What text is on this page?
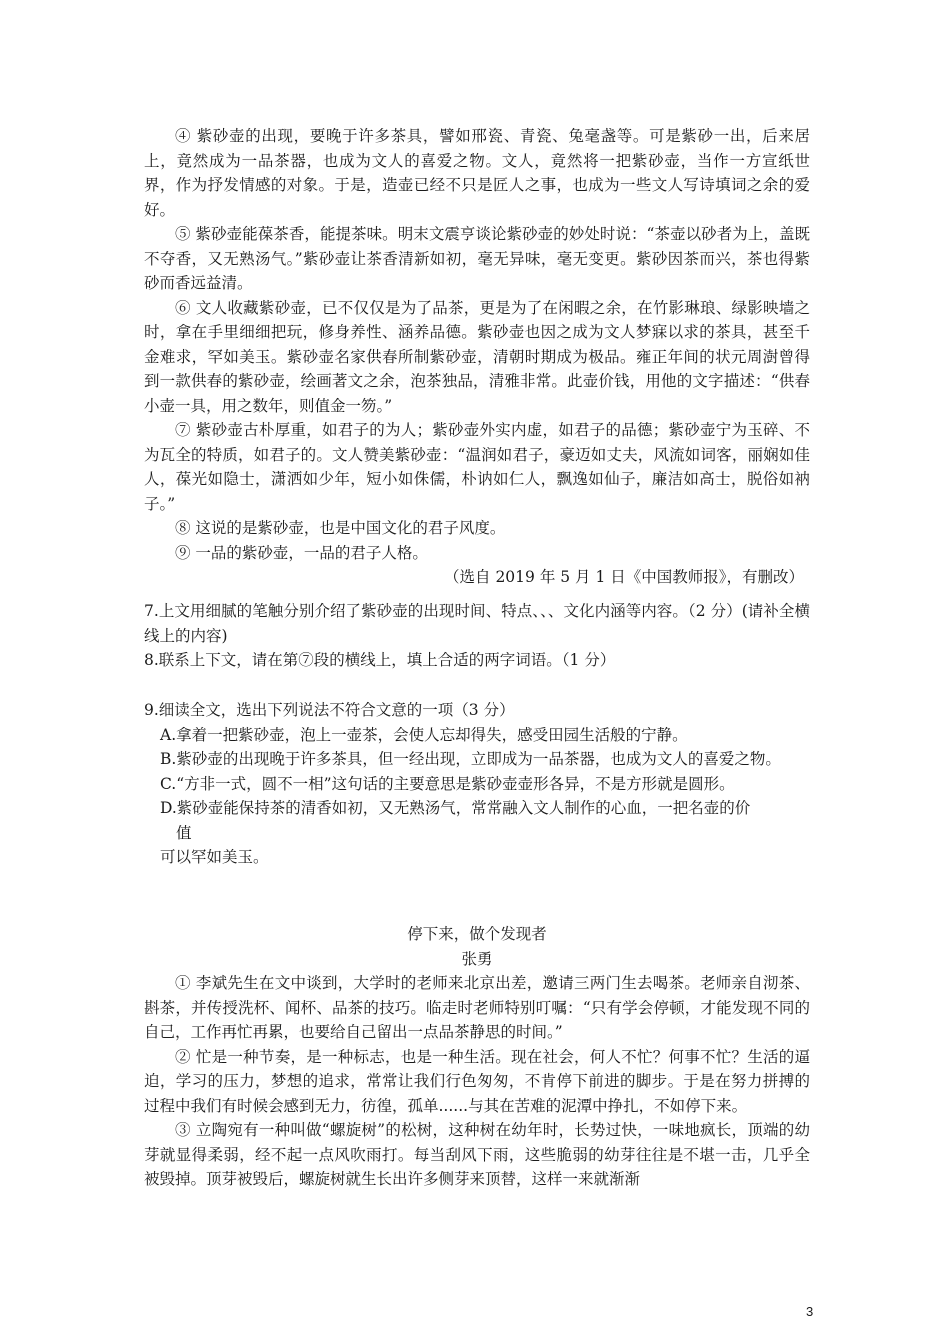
④ 紫砂壶的出现，要晚于许多茶具，譬如邢瓷、青瓷、兔毫盏等。可是紫砂一出，后来居上，竟然成为一品茶器，也成为文人的喜爱之物。文人，竟然将一把紫砂壶，当作一方宣纸世界，作为抒发情感的对象。于是，造壶已经不只是匠人之事，也成为一些文人写诗填词之余的爱好。

⑤ 紫砂壶能葆茶香，能提茶味。明末文震亨谈论紫砂壶的妙处时说：“茶壶以砂者为上，盖既不夺香，又无熟汤气。”紫砂壶让茶香清新如初，毫无异味，毫无变更。紫砂因茶而兴，茶也得紫砂而香远益清。

⑥ 文人收藏紫砂壶，已不仅仅是为了品茶，更是为了在闲暇之余，在竹影琳琅、绿影映墙之时，拿在手里细细把玩，修身养性、涵养品德。紫砂壶也因之成为文人梦寐以求的茶具，甚至千金难求，罕如美玉。紫砂壶名家供春所制紫砂壶，清朝时期成为极品。雍正年间的状元周澍曾得到一款供春的紫砂壶，绘画著文之余，泡茶独品，清雅非常。此壶价钱，用他的文字描述：“供春小壶一具，用之数年，则值金一笏。”

⑦ 紫砂壶古朴厚重，如君子的为人；紫砂壶外实内虚，如君子的品德；紫砂壶宁为玉碎、不为瓦全的特质，如君子的。文人赞美紫砂壶：“温润如君子，豪迈如丈夫，风流如词客，丽娴如佳人，葆光如隐士，潇洒如少年，短小如侏儒，朴讷如仁人，飘逸如仙子，廉洁如高士，脱俗如衲子。”

⑧ 这说的是紫砂壶，也是中国文化的君子风度。

⑨ 一品的紫砂壶，一品的君子人格。

（选自 2019 年 5 月 1 日《中国教师报》，有删改）

7.上文用细腻的笔触分别介绍了紫砂壶的出现时间、特点、、、文化内涵等内容。（2 分）(请补全横线上的内容)

8.联系上下文，请在第⑦段的横线上，填上合适的两字词语。（1 分）

9.细读全文，选出下列说法不符合文意的一项（3 分）

A.拿着一把紫砂壶，泡上一壶茶，会使人忘却得失，感受田园生活般的宁静。

B.紫砂壶的出现晚于许多茶具，但一经出现，立即成为一品茶器，也成为文人的喜爱之物。

C.“方非一式，圆不一相”这句话的主要意思是紫砂壶壶形各异，不是方形就是圆形。

D.紫砂壶能保持茶的清香如初，又无熟汤气，常常融入文人制作的心血，一把名壶的价

值

可以罕如美玉。

停下来，做个发现者

张勇

① 李斌先生在文中谈到，大学时的老师来北京出差，邀请三两门生去喝茶。老师亲自沏茶、斟茶，并传授洗杯、闻杯、品茶的技巧。临走时老师特别叮嘱：“只有学会停顿，才能发现不同的自己，工作再忙再累，也要给自己留出一点品茶静思的时间。”

② 忙是一种节奏，是一种标志，也是一种生活。现在社会，何人不忙？何事不忙？生活的逼迫，学习的压力，梦想的追求，常常让我们行色匆匆，不肯停下前进的脚步。于是在努力拼搏的过程中我们有时候会感到无力，彷徨，孤单......与其在苦难的泥潭中挣扎，不如停下来。

③ 立陶宛有一种叫做“螺旋树”的松树，这种树在幼年时，长势过快，一味地疯长，顶端的幼芽就显得柔弱，经不起一点风吹雨打。每当刮风下雨，这些脆弱的幼芽往往是不堪一击，几乎全被毁掉。顶芽被毁后，螺旋树就生长出许多侧芽来顶替，这样一来就渐渐

3
